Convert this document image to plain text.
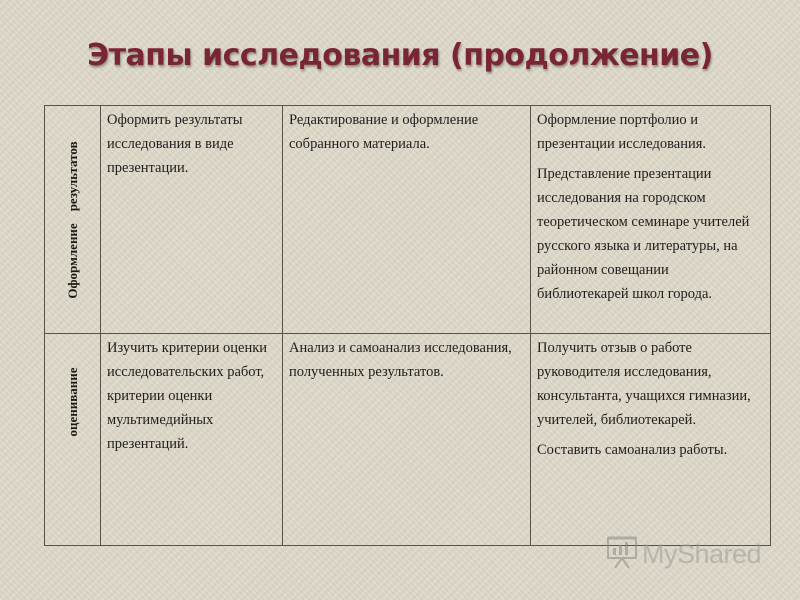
Этапы исследования (продолжение)
Оформлениерезультатов	Оформить результаты исследования в виде презентации.	Редактирование и оформление собранного материала.	Оформление портфолио и презентации исследования.

Представление презентации исследования на городском теоретическом семинаре учителей русского языка и литературы, на районном совещании библиотекарей школ города.

оценивание	Изучить критерии оценки исследовательских работ, критерии оценки мультимедийных презентаций.	Анализ и самоанализ исследования, полученных результатов.	Получить отзыв о работе руководителя исследования, консультанта, учащихся гимназии, учителей, библиотекарей.

Составить самоанализ работы.

MyShared
